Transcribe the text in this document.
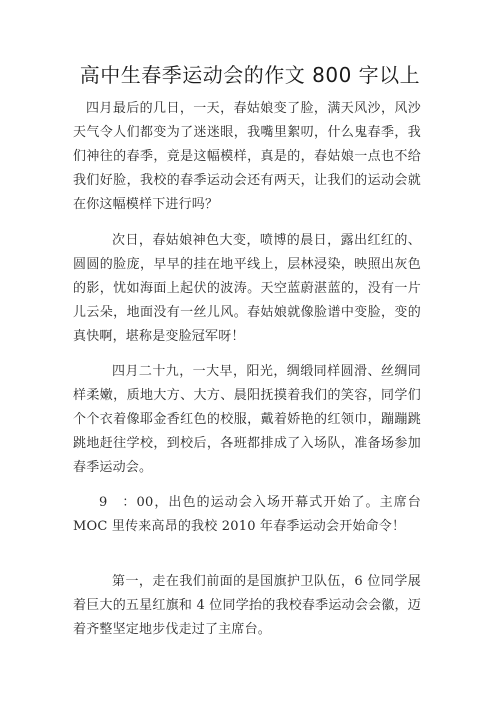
高中生春季运动会的作文 800 字以上

四月最后的几日，一天，春姑娘变了脸，满天风沙，风沙天气令人们都变为了迷迷眼，我嘴里絮叨，什么鬼春季，我们神往的春季，竟是这幅模样，真是的，春姑娘一点也不给我们好脸，我校的春季运动会还有两天，让我们的运动会就在你这幅模样下进行吗？

次日，春姑娘神色大变，喷博的晨日，露出红红的、圆圆的脸庞，早早的挂在地平线上，层林浸染，映照出灰色的影，忧如海面上起伏的波涛。天空蓝蔚湛蓝的，没有一片儿云朵，地面没有一丝儿风。春姑娘就像脸谱中变脸，变的真快啊，堪称是变脸冠军呀！

四月二十九，一大早，阳光，绸缎同样圆滑、丝绸同样柔嫩，质地大方、大方、晨阳抚摸着我们的笑容，同学们个个衣着像耶金香红色的校服，戴着娇艳的红领巾，蹦蹦跳跳地赶往学校，到校后，各班都排成了入场队，准备场参加春季运动会。

9　：00，出色的运动会入场开幕式开始了。主席台 MOC 里传来高昂的我校 2010 年春季运动会开始命令！

第一，走在我们前面的是国旗护卫队伍，6 位同学展着巨大的五星红旗和 4 位同学抬的我校春季运动会会徽，迈着齐整坚定地步伐走过了主席台。
